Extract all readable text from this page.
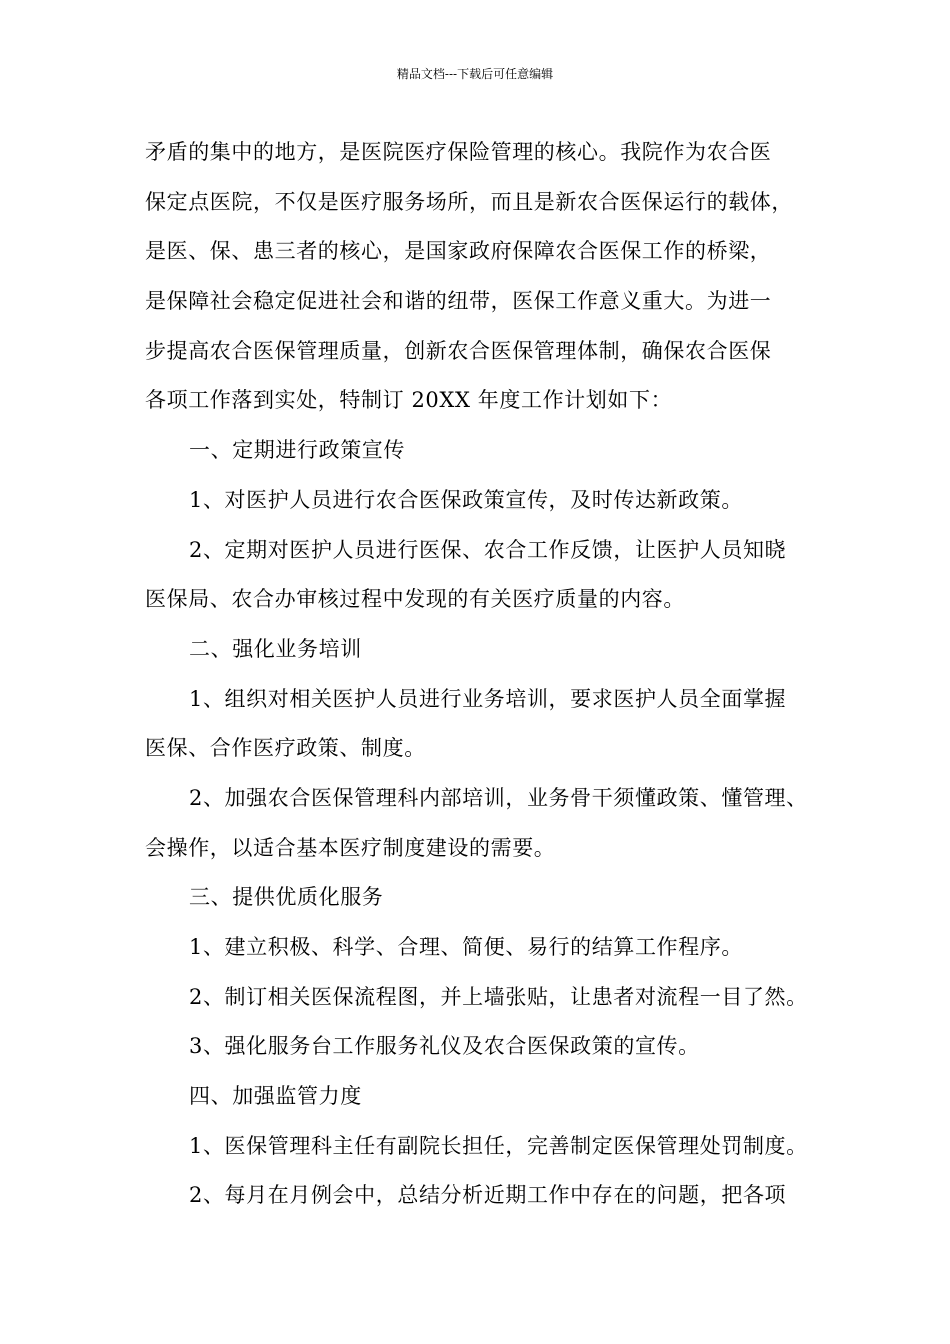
精品文档---下载后可任意编辑
矛盾的集中的地方，是医院医疗保险管理的核心。我院作为农合医
保定点医院，不仅是医疗服务场所，而且是新农合医保运行的载体，
是医、保、患三者的核心，是国家政府保障农合医保工作的桥梁，
是保障社会稳定促进社会和谐的纽带，医保工作意义重大。为进一
步提高农合医保管理质量，创新农合医保管理体制，确保农合医保
各项工作落到实处，特制订 20XX 年度工作计划如下：
一、定期进行政策宣传
1、对医护人员进行农合医保政策宣传，及时传达新政策。
2、定期对医护人员进行医保、农合工作反馈，让医护人员知晓
医保局、农合办审核过程中发现的有关医疗质量的内容。
二、强化业务培训
1、组织对相关医护人员进行业务培训，要求医护人员全面掌握
医保、合作医疗政策、制度。
2、加强农合医保管理科内部培训，业务骨干须懂政策、懂管理、
会操作，以适合基本医疗制度建设的需要。
三、提供优质化服务
1、建立积极、科学、合理、简便、易行的结算工作程序。
2、制订相关医保流程图，并上墙张贴，让患者对流程一目了然。
3、强化服务台工作服务礼仪及农合医保政策的宣传。
四、加强监管力度
1、医保管理科主任有副院长担任，完善制定医保管理处罚制度。
2、每月在月例会中，总结分析近期工作中存在的问题，把各项
